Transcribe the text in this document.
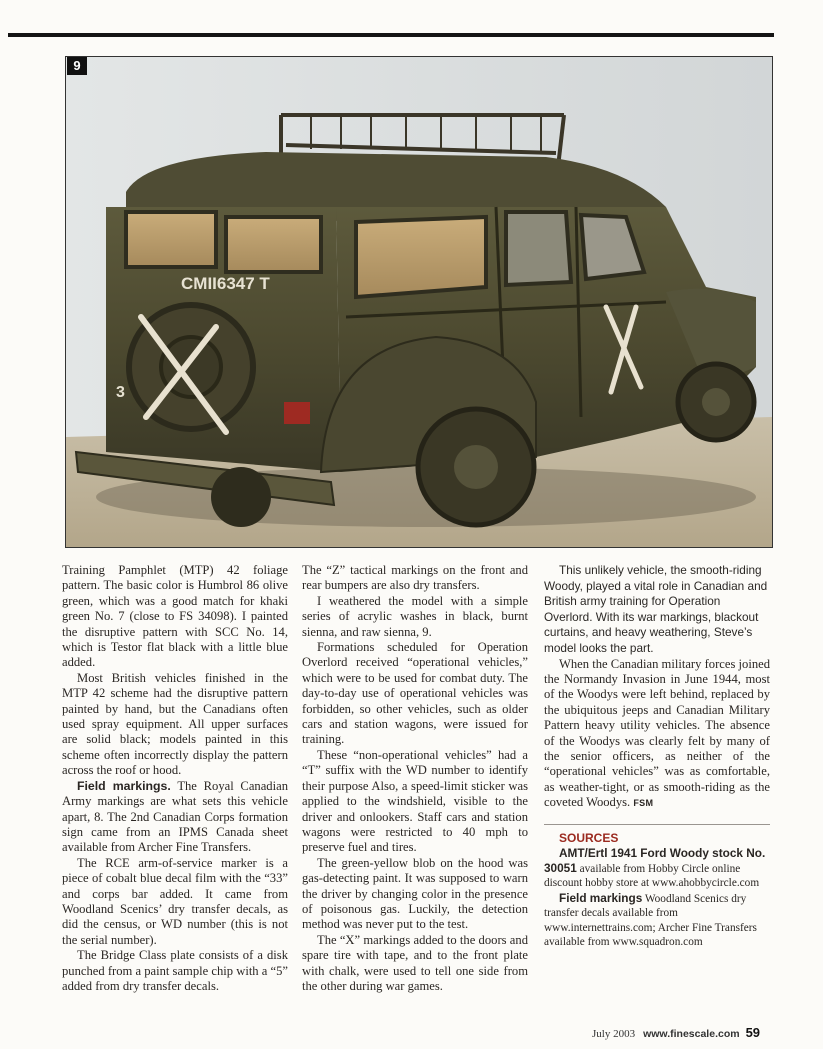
CMII6347 T
3
9

Training Pamphlet (MTP) 42 foliage pattern. The basic color is Humbrol 86 olive green, which was a good match for khaki green No. 7 (close to FS 34098). I painted the disruptive pattern with SCC No. 14, which is Testor flat black with a little blue added.

Most British vehicles finished in the MTP 42 scheme had the disruptive pattern painted by hand, but the Canadians often used spray equipment. All upper surfaces are solid black; models painted in this scheme often incorrectly display the pattern across the roof or hood.

Field markings. The Royal Canadian Army markings are what sets this vehicle apart, 8. The 2nd Canadian Corps formation sign came from an IPMS Canada sheet available from Archer Fine Transfers.

The RCE arm-of-service marker is a piece of cobalt blue decal film with the “33” and corps bar added. It came from Woodland Scenics’ dry transfer decals, as did the census, or WD number (this is not the serial number).

The Bridge Class plate consists of a disk punched from a paint sample chip with a “5” added from dry transfer decals.

The “Z” tactical markings on the front and rear bumpers are also dry transfers.

I weathered the model with a simple series of acrylic washes in black, burnt sienna, and raw sienna, 9.

Formations scheduled for Operation Overlord received “operational vehicles,” which were to be used for combat duty. The day-to-day use of operational vehicles was forbidden, so other vehicles, such as older cars and station wagons, were issued for training.

These “non-operational vehicles” had a “T” suffix with the WD number to identify their purpose Also, a speed-limit sticker was applied to the windshield, visible to the driver and onlookers. Staff cars and station wagons were restricted to 40 mph to preserve fuel and tires.

The green-yellow blob on the hood was gas-detecting paint. It was supposed to warn the driver by changing color in the presence of poisonous gas. Luckily, the detection method was never put to the test.

The “X” markings added to the doors and spare tire with tape, and to the front plate with chalk, were used to tell one side from the other during war games.

This unlikely vehicle, the smooth-riding Woody, played a vital role in Canadian and British army training for Operation Overlord. With its war markings, blackout curtains, and heavy weathering, Steve’s model looks the part.

When the Canadian military forces joined the Normandy Invasion in June 1944, most of the Woodys were left behind, replaced by the ubiquitous jeeps and Canadian Military Pattern heavy utility vehicles. The absence of the Woodys was clearly felt by many of the senior officers, as neither of the “operational vehicles” was as comfortable, as weather-tight, or as smooth-riding as the coveted Woodys. FSM

SOURCES

AMT/Ertl 1941 Ford Woody stock No. 30051 available from Hobby Circle online discount hobby store at www.ahobbycircle.com

Field markings Woodland Scenics dry transfer decals available from www.internettrains.com; Archer Fine Transfers available from www.squadron.com

July 2003 www.finescale.com 59
